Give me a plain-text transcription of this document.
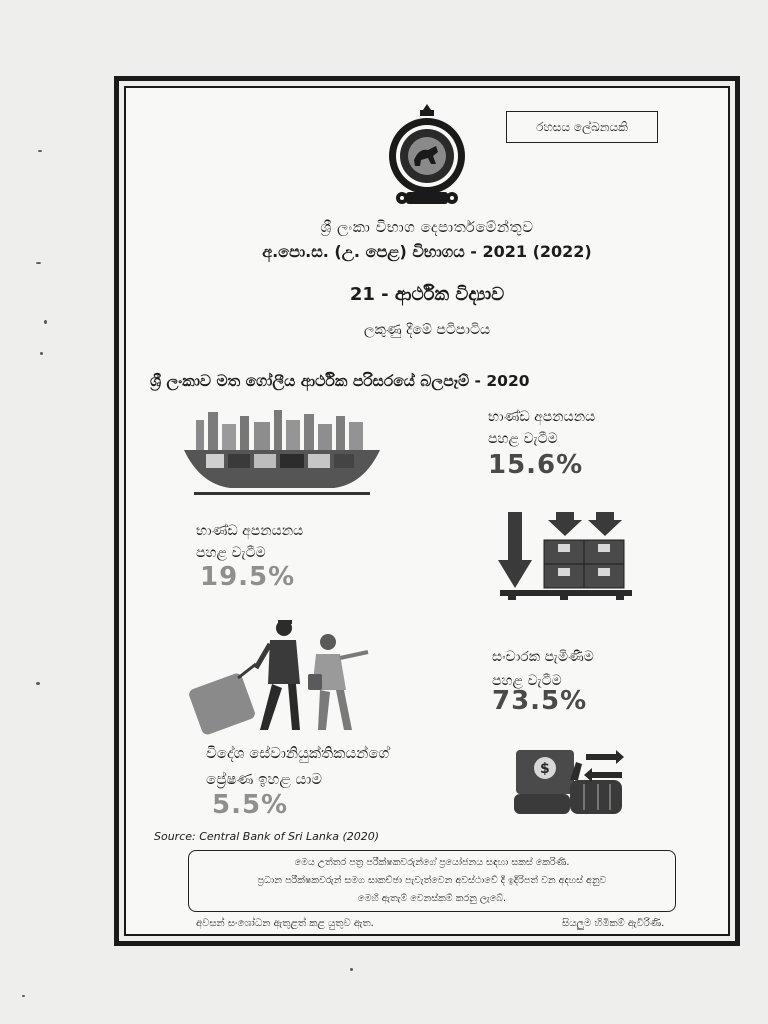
රහසය ලේඛනයකි
ශ්‍රී ලංකා විභාග දෙපාර්තමේන්තුව
අ.පො.ස. (උ. පෙළ) විභාගය - 2021 (2022)
21 - ආර්ථික විද්‍යාව
ලකුණු දීමේ පටිපාටිය
ශ්‍රී ලංකාව මත ගෝලීය ආර්ථික පරිසරයේ බලපෑම් - 2020
භාණ්ඩ අපනයනය
පහළ වැටීම
15.6%
භාණ්ඩ අපනයනය
පහළ වැටීම
19.5%
සංචාරක පැමිණීම
පහළ වැටීම
73.5%
විදේශ සේවානියුක්තිකයන්ගේ
ප්‍රේෂණ ඉහළ යාම
5.5%
$
Source: Central Bank of Sri Lanka (2020)
මෙය උත්තර පත්‍ර පරීක්ෂකවරුන්ගේ ප්‍රයෝජනය සඳහා සකස් කෙරිණි.
ප්‍රධාන පරීක්ෂකවරුන් සමග සාකච්ඡා පැවැත්වෙන අවස්ථාවේ දී ඉදිරිපත් වන අදහස් අනුව
මෙහි ඇතැම් වෙනස්කම් කරනු ලැබේ.
අවසන් සංශෝධන ඇතුළත් කළ යුතුව ඇත.	සියලුම හිමිකම් ඇවිරිණි.
